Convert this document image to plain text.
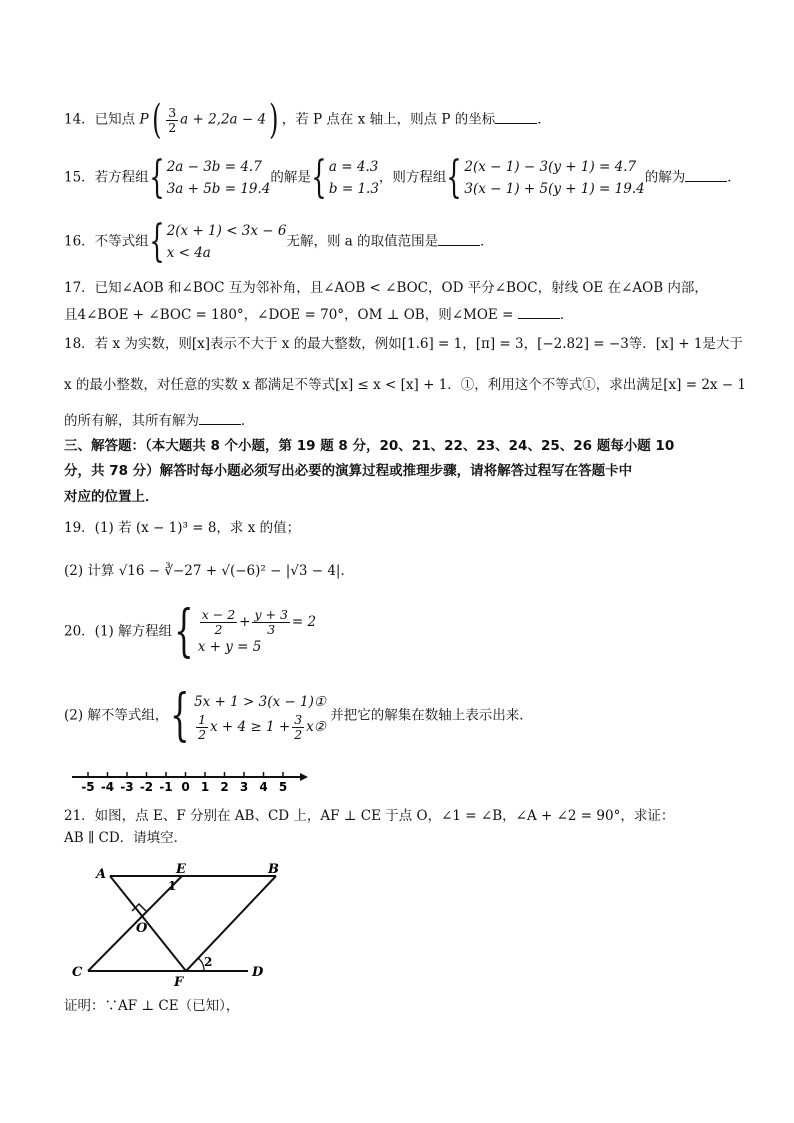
14．已知点 $P( \frac{3}{2}$ a + 2,2a − 4) ，若 P 点在 x 轴上，则点 P 的坐标	．
15．若方程组{ 2a − 3b = 4.7
3a + 5b = 19.4的解是{ a = 4.3
b = 1.3，则方程组{ 2(x − 1) − 3(y + 1) = 4.7
3(x − 1) + 5(y + 1) = 19.4的解为	．
16．不等式组{ 2(x + 1) < 3x − 6
x < 4a无解，则 a 的取值范围是	．
17．已知∠AOB 和∠BOC 互为邻补角，且∠AOB < ∠BOC，OD 平分∠BOC，射线 OE 在∠AOB 内部，
且4∠BOE + ∠BOC = 180°，∠DOE = 70°，OM ⊥ OB，则∠MOE =	．
18．若 x 为实数，则[x]表示不大于 x 的最大整数，例如[1.6] = 1，[π] = 3，[−2.82] = −3等．[x] + 1是大于
x 的最小整数，对任意的实数 x 都满足不等式[x] ≤ x < [x] + 1．①，利用这个不等式①，求出满足[x] = 2x − 1
的所有解，其所有解为	．
三、解答题：（本大题共 8 个小题，第 19 题 8 分，20、21、22、23、24、25、26 题每小题 10
分，共 78 分）解答时每小题必须写出必要的演算过程或推理步骤，请将解答过程写在答题卡中
对应的位置上．
19．(1) 若 (x − 1)³ = 8，求 x 的值；
(2) 计算 √16 − ∛−27 + √(−6)² − |√3 − 4|．
20．(1) 解方程组{ $\frac{x - 2}{2} + \frac{y + 3}{3} = 2$
x + y = 5
(2) 解不等式组，{ 5x + 1 > 3(x − 1)①

$\frac{1}{2}$ $x + 4 \ge 1 + \frac{3}{2}$ x② 并把它的解集在数轴上表示出来．
-5 -4 -3 -2 -1 0 1 2 3 4 5
21．如图，点 E、F 分别在 AB、CD 上，AF ⊥ CE 于点 O，∠1 = ∠B，∠A + ∠2 = 90°，求证：
AB ∥ CD．请填空．
A	E	B
1
O
C
F
2
D
证明：∵AF ⊥ CE（已知），
